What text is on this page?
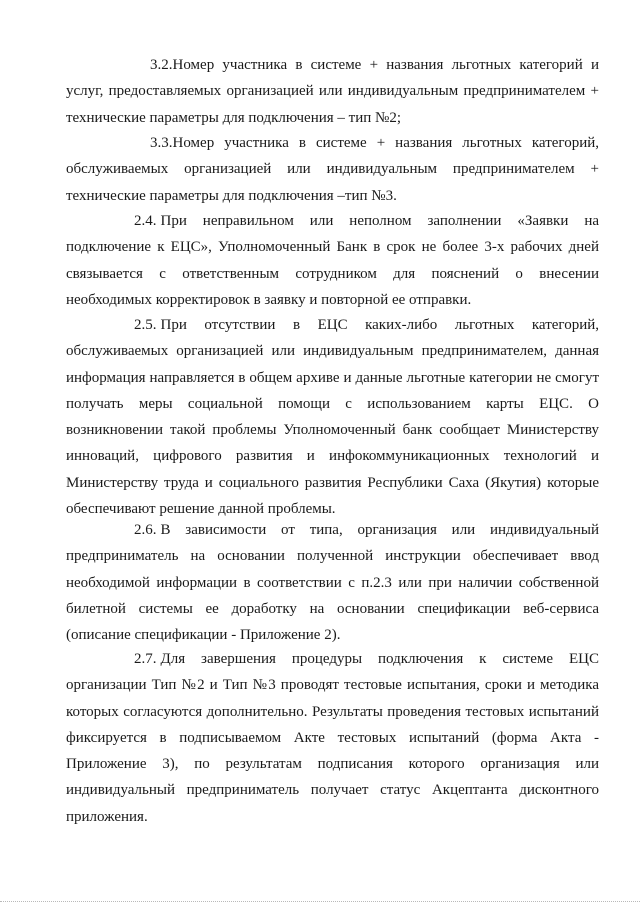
3.2.Номер участника в системе + названия льготных категорий и услуг, предоставляемых организацией или индивидуальным предпринимателем + технические параметры для подключения – тип №2;

3.3.Номер участника в системе + названия льготных категорий, обслуживаемых организацией или индивидуальным предпринимателем + технические параметры для подключения –тип №3.

2.4. При неправильном или неполном заполнении «Заявки на подключение к ЕЦС», Уполномоченный Банк в срок не более 3-х рабочих дней связывается с ответственным сотрудником для пояснений о внесении необходимых корректировок в заявку и повторной ее отправки.

2.5. При отсутствии в ЕЦС каких-либо льготных категорий, обслуживаемых организацией или индивидуальным предпринимателем, данная информация направляется в общем архиве и данные льготные категории не смогут получать меры социальной помощи с использованием карты ЕЦС. О возникновении такой проблемы Уполномоченный банк сообщает Министерству инноваций, цифрового развития и инфокоммуникационных технологий и Министерству труда и социального развития Республики Саха (Якутия) которые обеспечивают решение данной проблемы.

2.6. В зависимости от типа, организация или индивидуальный предприниматель на основании полученной инструкции обеспечивает ввод необходимой информации в соответствии с п.2.3 или при наличии собственной билетной системы ее доработку на основании спецификации веб-сервиса (описание спецификации - Приложение 2).

2.7. Для завершения процедуры подключения к системе ЕЦС организации Тип №2 и Тип №3 проводят тестовые испытания, сроки и методика которых согласуются дополнительно. Результаты проведения тестовых испытаний фиксируется в подписываемом Акте тестовых испытаний (форма Акта - Приложение 3), по результатам подписания которого организация или индивидуальный предприниматель получает статус Акцептанта дисконтного приложения.
